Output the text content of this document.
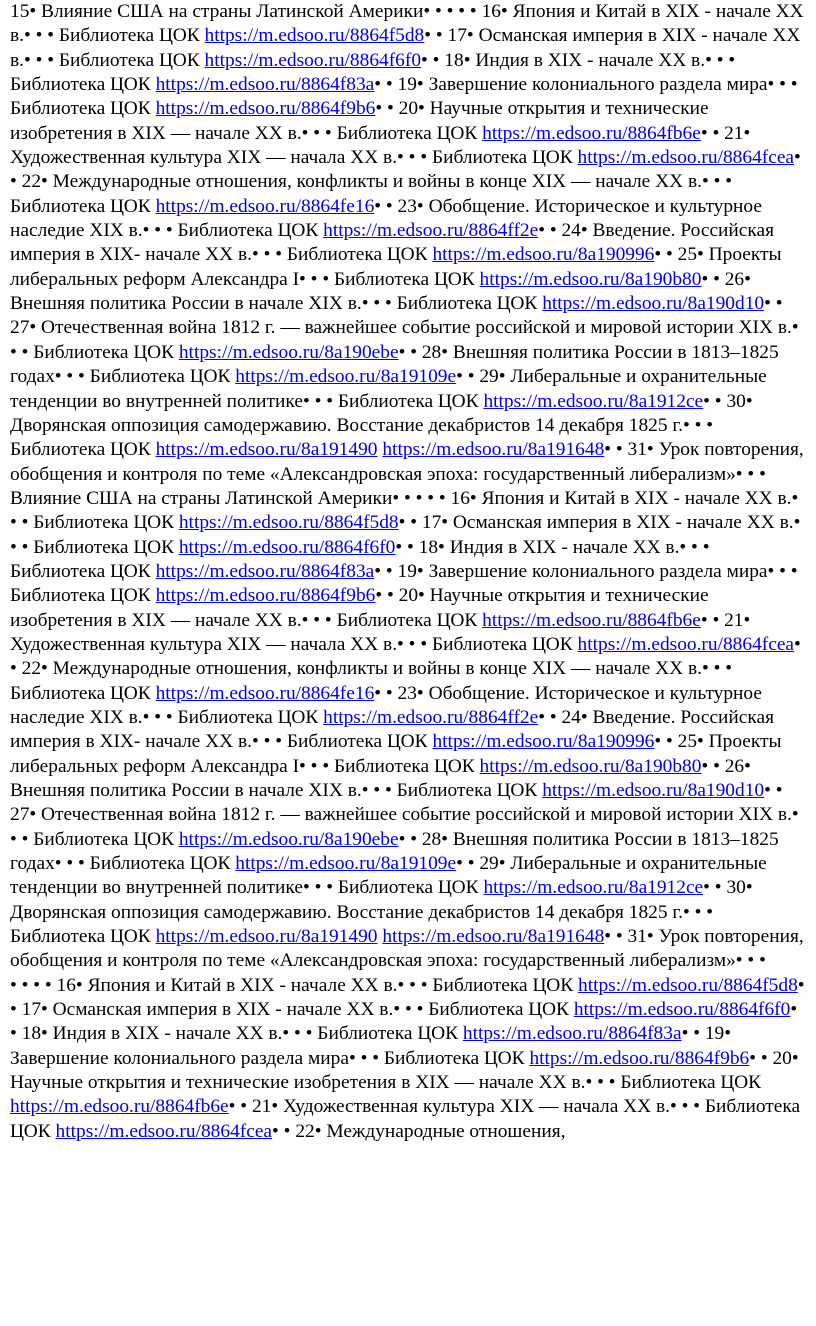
15• Влияние США на страны Латинской Америки• • • • • 16• Япония и Китай в XIX - начале XX в.• • • Библиотека ЦОК https://m.edsoo.ru/8864f5d8• • 17• Османская империя в XIX - начале XX в.• • • Библиотека ЦОК https://m.edsoo.ru/8864f6f0• • 18• Индия в XIX - начале XX в.• • • Библиотека ЦОК https://m.edsoo.ru/8864f83a• • 19• Завершение колониального раздела мира• • • Библиотека ЦОК https://m.edsoo.ru/8864f9b6• • 20• Научные открытия и технические изобретения в XIX — начале XX в.• • • Библиотека ЦОК https://m.edsoo.ru/8864fb6e• • 21• Художественная культура XIX — начала XX в.• • • Библиотека ЦОК https://m.edsoo.ru/8864fcea• • 22• Международные отношения, конфликты и войны в конце XIX — начале XX в.• • • Библиотека ЦОК https://m.edsoo.ru/8864fe16• • 23• Обобщение. Историческое и культурное наследие XIX в.• • • Библиотека ЦОК https://m.edsoo.ru/8864ff2e• • 24• Введение. Российская империя в XIX- начале XX в.• • • Библиотека ЦОК https://m.edsoo.ru/8a190996• • 25• Проекты либеральных реформ Александра I• • • Библиотека ЦОК https://m.edsoo.ru/8a190b80• • 26• Внешняя политика России в начале XIX в.• • • Библиотека ЦОК https://m.edsoo.ru/8a190d10• • 27• Отечественная война 1812 г. — важнейшее событие российской и мировой истории XIX в.• • • Библиотека ЦОК https://m.edsoo.ru/8a190ebe• • 28• Внешняя политика России в 1813–1825 годах• • • Библиотека ЦОК https://m.edsoo.ru/8a19109e• • 29• Либеральные и охранительные тенденции во внутренней политике• • • Библиотека ЦОК https://m.edsoo.ru/8a1912ce• • 30• Дворянская оппозиция самодержавию. Восстание декабристов 14 декабря 1825 г.• • • Библиотека ЦОК https://m.edsoo.ru/8a191490 https://m.edsoo.ru/8a191648• • 31• Урок повторения, обобщения и контроля по теме «Александровская эпоха: государственный либерализм»• • •

Влияние США на страны Латинской Америки• • • • • 16• Япония и Китай в XIX - начале XX в.• • • Библиотека ЦОК https://m.edsoo.ru/8864f5d8• • 17• Османская империя в XIX - начале XX в.• • • Библиотека ЦОК https://m.edsoo.ru/8864f6f0• • 18• Индия в XIX - начале XX в.• • • Библиотека ЦОК https://m.edsoo.ru/8864f83a• • 19• Завершение колониального раздела мира• • • Библиотека ЦОК https://m.edsoo.ru/8864f9b6• • 20• Научные открытия и технические изобретения в XIX — начале XX в.• • • Библиотека ЦОК https://m.edsoo.ru/8864fb6e• • 21• Художественная культура XIX — начала XX в.• • • Библиотека ЦОК https://m.edsoo.ru/8864fcea• • 22• Международные отношения, конфликты и войны в конце XIX — начале XX в.• • • Библиотека ЦОК https://m.edsoo.ru/8864fe16• • 23• Обобщение. Историческое и культурное наследие XIX в.• • • Библиотека ЦОК https://m.edsoo.ru/8864ff2e• • 24• Введение. Российская империя в XIX- начале XX в.• • • Библиотека ЦОК https://m.edsoo.ru/8a190996• • 25• Проекты либеральных реформ Александра I• • • Библиотека ЦОК https://m.edsoo.ru/8a190b80• • 26• Внешняя политика России в начале XIX в.• • • Библиотека ЦОК https://m.edsoo.ru/8a190d10• • 27• Отечественная война 1812 г. — важнейшее событие российской и мировой истории XIX в.• • • Библиотека ЦОК https://m.edsoo.ru/8a190ebe• • 28• Внешняя политика России в 1813–1825 годах• • • Библиотека ЦОК https://m.edsoo.ru/8a19109e• • 29• Либеральные и охранительные тенденции во внутренней политике• • • Библиотека ЦОК https://m.edsoo.ru/8a1912ce• • 30• Дворянская оппозиция самодержавию. Восстание декабристов 14 декабря 1825 г.• • • Библиотека ЦОК https://m.edsoo.ru/8a191490 https://m.edsoo.ru/8a191648• • 31• Урок повторения, обобщения и контроля по теме «Александровская эпоха: государственный либерализм»• • •

• • • • 16• Япония и Китай в XIX - начале XX в.• • • Библиотека ЦОК https://m.edsoo.ru/8864f5d8• • 17• Османская империя в XIX - начале XX в.• • • Библиотека ЦОК https://m.edsoo.ru/8864f6f0• • 18• Индия в XIX - начале XX в.• • • Библиотека ЦОК https://m.edsoo.ru/8864f83a• • 19• Завершение колониального раздела мира• • • Библиотека ЦОК https://m.edsoo.ru/8864f9b6• • 20• Научные открытия и технические изобретения в XIX — начале XX в.• • • Библиотека ЦОК https://m.edsoo.ru/8864fb6e• • 21• Художественная культура XIX — начала XX в.• • • Библиотека ЦОК https://m.edsoo.ru/8864fcea• • 22• Международные отношения,
